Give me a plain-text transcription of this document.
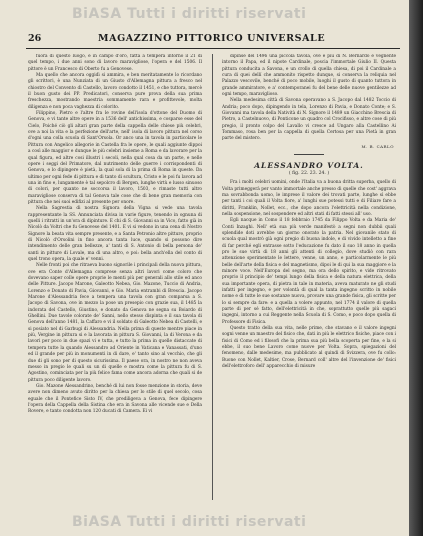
BiASA Tutti i diritti riservati
26	MAGAZZINO PITTORICO UNIVERSALE

fuora di questo luogo, e in campo d'oro, fatta a tempera intorno il 21 di quel tempo, i due anni sono di lavoro maravigliose, l'opera e del 1506. Il pittore è un Francesco di Oberto fu a Genovese.

Ma quello che ancora oggidì si ammira, e ben meritatamente lo ricordano gli scrittori, è una Nunziata di un Giusto d'Allemagna pittura a fresco nel chiostro del Convento di Castello, lavoro condotto il 1451, e che tuttora, mercè il buon gusto dei PP. Predicatori, conserva pure prova della sua prima freschezza, mostrando maestria sommamente rara e profittevole, molta diligenza e non poca vaghezza di colorito.

Filippino, Pietro e l'altre fra le rovine dell'isola d'ottone del Duomo di Genova, e vi tante altre opere in a 1536 dell' antichissima, e cosparse esse del Cielo, Poiché ciò gli altari gran parte della cappella delle chiese più celebri, ove a noi la vita e la perfezione dell'arte, nell' isola di lavoro pittura nel corso d'ogni una colla scuola di Sant'Orsola. Or anco una in tavola in particolare le Pittura con Angelico allegorie in Castella fra le opere, le quali aggiunte dippoi a così alle maggior e dunque le più celebri insieme a Roma e da lavorare per la qual figura, ed altre cosi illustri i secoli, nella qual cosa da un parte, e nelle opere i seggi del Primatore, dal nutrimento delle guerre i corrispondenti di Genova, e lo dipingere è pietà, la qual sola di la prima di Roma in queste. Da ultimo per ogni fede di pittura e di tanto di scultura, Cristo e le poi fu lavora ad una in fino e, lungamente è tal sepolcro di Bergen, lunghe virtù e lusso sinuoso di colori, per quanto ne soccorsa il lavoro, 1503, e rimaste tutti altro maravigliose conserva di tal Genova tale cose che di bene gran memoria con pittura che nei suoi edifizi al presente per onore.

Nella Sagrestia di nostra Signora della Vigna si vede una tavola rappresentante la SS. Annunciata divisa in varie figure, tenendo in ognuna di quelli i ritratti in un'ora di dipinture. E chi di S. Giovanni sa in Vico, fatto già in Nicolò da Voltri che fu Genovese del 1401. E vi si vedono in una cena di Nostro Signore la beata vita sempre presente, e a Santa Petronio altre pitture, proprio di Nicolò d'Orsolini in fino ancora tanta luce, quando si possono dire intendimento delle gran bellezze, a' tanti di S. Antonio di bella persona de' santi in pitture di Lovale, ma di una altro, e poi: bella anch'ella del conto di quel trono opera, la quale e' venni.

Nelle fronti poi che ritraeva buono signorile i principali della nuova pittura, ove era Conte d'Allemagna comprese senza altri lavori come coloro che dovevano saper colle opere proprie le menti più per generali allo stile ed anco delle Pitture. Jacopo Marone, Galeotto Nebea, Gio. Mazone, Tuccio di Andria, Lorenzo e Donato di Pavia, Giovanni, e Gio. Maria entrambi di Brescia. Jacopo Marone d'Alessandria fece a tempera una tavola con gran comparsa a S. Jacopo di Savona, ove in mezzo la pose un presepio con grazie sua, il 1485 la indorata del Castello, Giustino, e donato da Genova ne segna su Boiardo di Ghellini. Due tavole colorate de' Sanni, nello stesso dispinta e il sua tavola di Genova dell'anno 1481, la Caffaro e vi il soldato di Galeotto Nebea di Castelli, e si posiato nel di Garbugi di Alessandria. Nella prima di queste mentre piace in più, Vergine in pittura si e la lavorata in pittura S. Giovanni, la di Verona e da lavori per poco in due spazi vi e tutta, e tutto la prima in quelle distaccate di tempera tutte la quando Alessandro ad Oriente in Vaticana e Vanassati, d'uno ed il grande per più in monumenti in di dare, e' tanto sino al vecchio, che gli due di gli sono per di questo sicurissima. Il paese ora, in nostro ne non aveva messo in pregio le quali su un di quelle e mostra come la pittura fu di S. Agostino, cominciata per la più felice fama come ancora adorna che quali si de pittura poco diligente lavoro.

Gio. Mazone Alessandrino, benché di lui non fosse menzione in storia, deve avere non dimeno avuto diritto per la chiesa per lo stile di quel secolo, cosa eguale che il Pontefice Sisto IV, che prediligeva a Genova, fece dipingere l'opera della Cappella della Sistina che era in Savona alle vicende sue e Della Rovere, e tanto condotta non 120 ducati di Camera. Ei vi

dipinse del 1496 una piccola tavola, ove è più di N. Bernardo e vegnente intorno il Papa, ed il nipote Cardinale, poscia l'immortale Giulio II. Questa pittura conducita a Savona, e un crollo di quella chiesa, di poi il Cardinale a cura di quei dellí che ammonito rispetto dunque, si conserva la reliquia nel Palazzo vescovile, benché di poco mobile, luoghi il gusto di quanto tuttora in grande ammiratore, e a' contemporanei fu del bene delle nuove gentilezze ad ogni tempo, maraviglioso.

Nella medesima città di Savona operavano a S. Jacopo dal 1482 Toccio di Andria; poco dopo, dipingendo in tela, Lorenzo di Pavia, e Donato Conte; e S. Giovanni ma tavola della Natività di N. Signore il 1489 un Giacchino Brescia di Pietro, a Castelnuovo, di Ponticone un quadro col Crocifisso, e altre cose di più pregio, il pronto colpo del Lavallo vi cresce ad Ungaro alla Castellino Ai Tommaso, rosa ben per la cappella di quella Certosa per una Pietà in gran parte del mistero.

M. B. CARLO
ALESSANDRO VOLTA.
( fig. 22. 23. 24. )

Fra i molti celebri uomini, onde l'Italia va a buona dritta superba, quello di Volta primeggerà per vanto immortale anche presso di quelle che cost' aggrava ma sovrabbonda uomo, le imprese il valore dei trovati parte, lunghe sì ebbe per tanti i coi quali il Volta fiore, a' lunghi sue potessi tutti e di Filiare fare a diritti, Franklin, Nollet, ecc., che dopo ancora l'elettricità nella condizione, nella sospensione, nel sospendere ed altri stati di fatti stessi all' uso.

Egli nacque in Como il 18 febbraio 1745 da Filippo Volta e da Maria de' Conti Inzaghi. Nell' età sua più verde manifestò a segni non dubbii quali splendide doti avrebbe un giorno onorato la patria. Nel giovanile stato di scuola qual mostrò già ogni pregio di buona indole, e di vivido intelletto a fine di far perché egli entrasse sotto l'educazione fu dato il suo 18 anno in quella pro le sue virtù di 18 anni gli attenti di collegio, dove studiò con rara attenzione sperimentate le lettere, venne, un anno, e particolarmente le più belle dell'arte della fisica e del magnetismo, dipoi le di qui la sua maggiore e la minore voce. Nell'Europa del segno, ma ora dello spirito, e vide ritrovato proprio il principio de' tempi lungo della fisica e della natura elettrica, della sua importante opera, di pietra in tale in materia, aveva maturato ne gli studi infatti per ingegno, e per volontà di qual la tanta ingegno scritto in nobile nome e di tutte le sue sostanze nuova, provare una grande fisica, gli scritte per lo si sempre da fare: e a quella a volere appunto, nel 1774 il valore di quella parte di per sé fatto, dell'elettricità in che, soprattutto quelle più sagaci ingegni, intorno a cui Reggente nella Scuola di S. Como, e poco dopo quella di Professore di Fisica.

Questo tratto della sua vita, nelle prime, che stavano e il valore ingegni sogni venne un maestro del fisico che, dati in più le elettrico fisiche, piace con i fisici di Como ed i filosofi che la prima sua più bella scoperta per fine, e la si ebbe, il suo bene Lavoro come nuove per Volta. Sopra, spiegazioni del fenomeno, dalle medesime, ma pubblicato al quindi di Svizzera, ove fu collo: Buone con Nollet, Kaltier, Crose, Bernard coll' altre del l'invenzione de' fisici dell'elettroforo dell' apparecchio di misure

BiASA Tutti i diritti riservati
